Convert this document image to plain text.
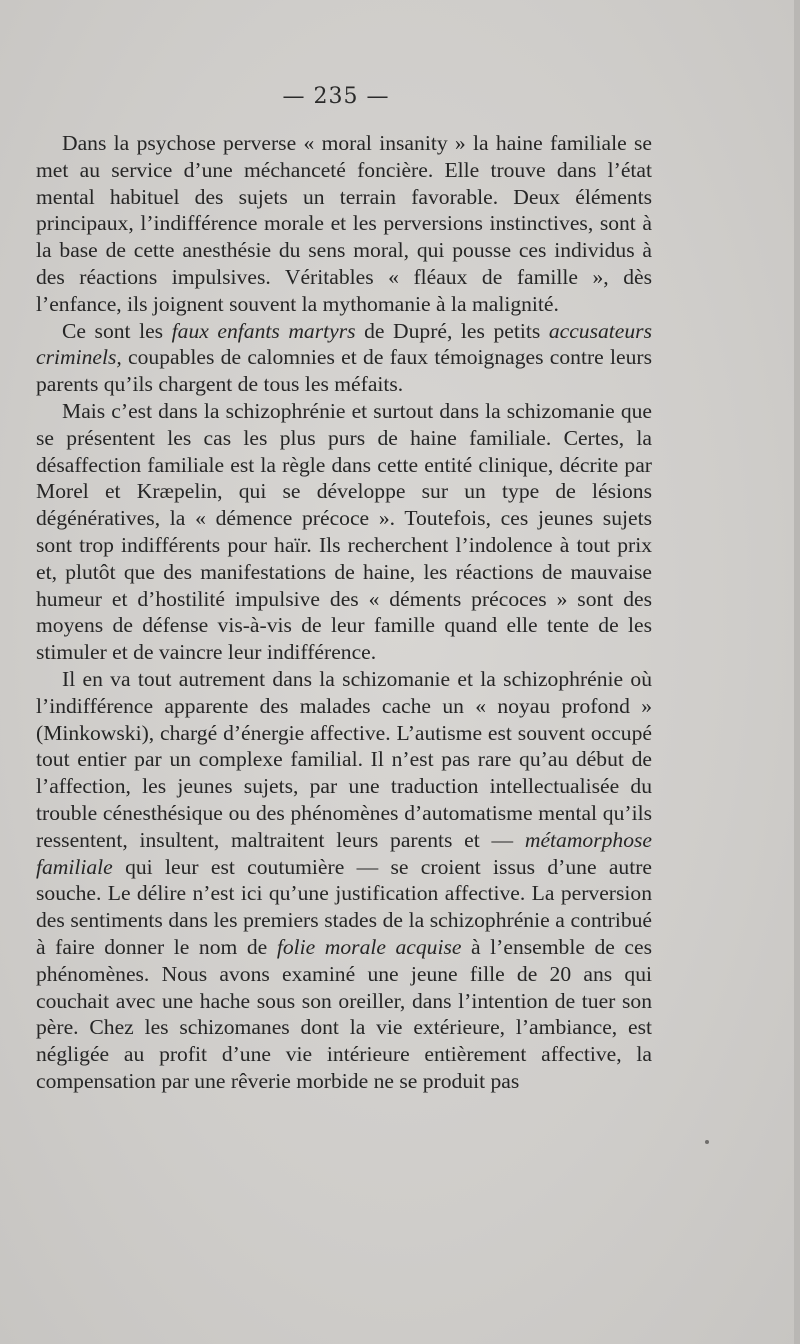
— 235 —

Dans la psychose perverse « moral insanity » la haine familiale se met au service d’une méchanceté foncière. Elle trouve dans l’état mental habituel des sujets un terrain favorable. Deux éléments principaux, l’indifférence morale et les perversions instinctives, sont à la base de cette anesthésie du sens moral, qui pousse ces individus à des réactions impulsives. Véritables « fléaux de famille », dès l’enfance, ils joignent souvent la mythomanie à la malignité.

Ce sont les faux enfants martyrs de Dupré, les petits accusateurs criminels, coupables de calomnies et de faux témoignages contre leurs parents qu’ils chargent de tous les méfaits.

Mais c’est dans la schizophrénie et surtout dans la schizomanie que se présentent les cas les plus purs de haine familiale. Certes, la désaffection familiale est la règle dans cette entité clinique, décrite par Morel et Kræpelin, qui se développe sur un type de lésions dégénératives, la « démence précoce ». Toutefois, ces jeunes sujets sont trop indifférents pour haïr. Ils recherchent l’indolence à tout prix et, plutôt que des manifestations de haine, les réactions de mauvaise humeur et d’hostilité impulsive des « déments précoces » sont des moyens de défense vis-à-vis de leur famille quand elle tente de les stimuler et de vaincre leur indifférence.

Il en va tout autrement dans la schizomanie et la schizophrénie où l’indifférence apparente des malades cache un « noyau profond » (Minkowski), chargé d’énergie affective. L’autisme est souvent occupé tout entier par un complexe familial. Il n’est pas rare qu’au début de l’affection, les jeunes sujets, par une traduction intellectualisée du trouble cénesthésique ou des phénomènes d’automatisme mental qu’ils ressentent, insultent, maltraitent leurs parents et — métamorphose familiale qui leur est coutumière — se croient issus d’une autre souche. Le délire n’est ici qu’une justification affective. La perversion des sentiments dans les premiers stades de la schizophrénie a contribué à faire donner le nom de folie morale acquise à l’ensemble de ces phénomènes. Nous avons examiné une jeune fille de 20 ans qui couchait avec une hache sous son oreiller, dans l’intention de tuer son père. Chez les schizomanes dont la vie extérieure, l’ambiance, est négligée au profit d’une vie intérieure entièrement affective, la compensation par une rêverie morbide ne se produit pas
